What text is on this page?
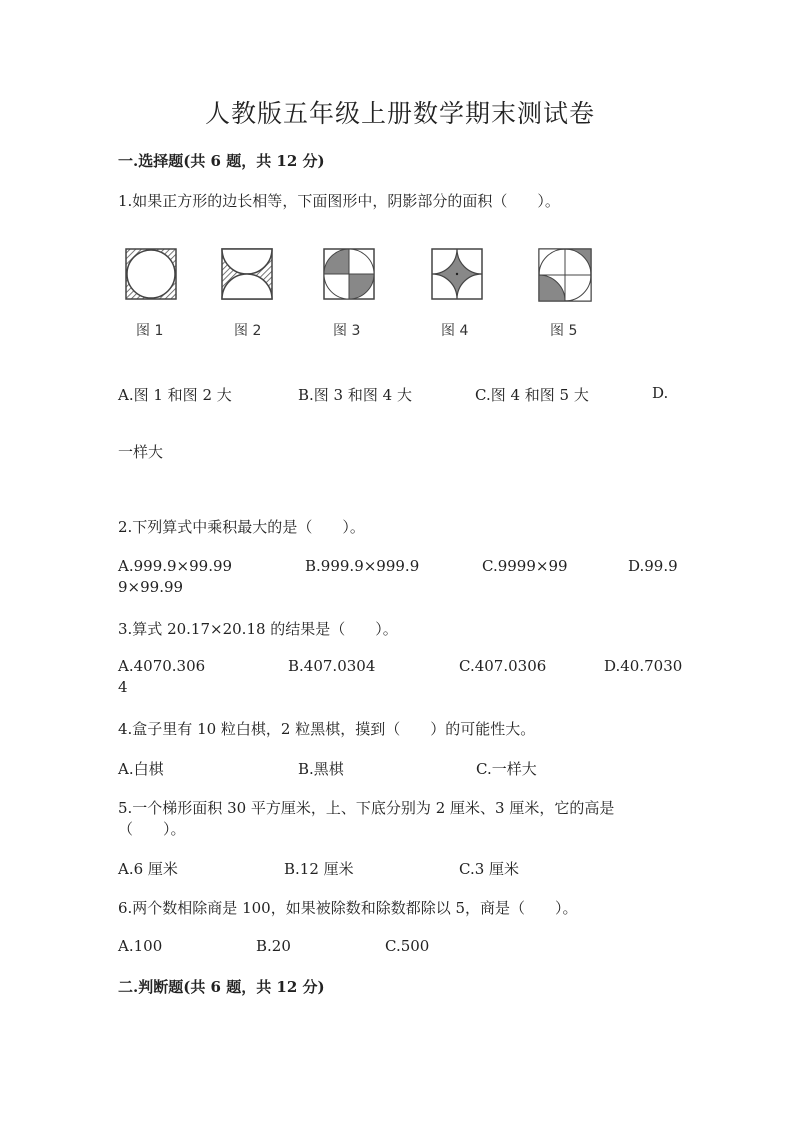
人教版五年级上册数学期末测试卷
一.选择题(共 6 题，共 12 分)
1.如果正方形的边长相等，下面图形中，阴影部分的面积（　　）。
图 1	图 2	图 3	图 4	图 5
A.图 1 和图 2 大	B.图 3 和图 4 大	C.图 4 和图 5 大	D.
一样大
2.下列算式中乘积最大的是（　　）。
A.999.9×99.99	B.999.9×999.9	C.9999×99	D.99.9
9×99.99
3.算式 20.17×20.18 的结果是（　　）。
A.4070.306	B.407.0304	C.407.0306	D.40.7030
4
4.盒子里有 10 粒白棋，2 粒黑棋，摸到（　　）的可能性大。
A.白棋	B.黑棋	C.一样大
5.一个梯形面积 30 平方厘米，上、下底分别为 2 厘米、3 厘米，它的高是
（　　）。
A.6 厘米	B.12 厘米	C.3 厘米
6.两个数相除商是 100，如果被除数和除数都除以 5，商是（　　）。
A.100	B.20	C.500
二.判断题(共 6 题，共 12 分)
